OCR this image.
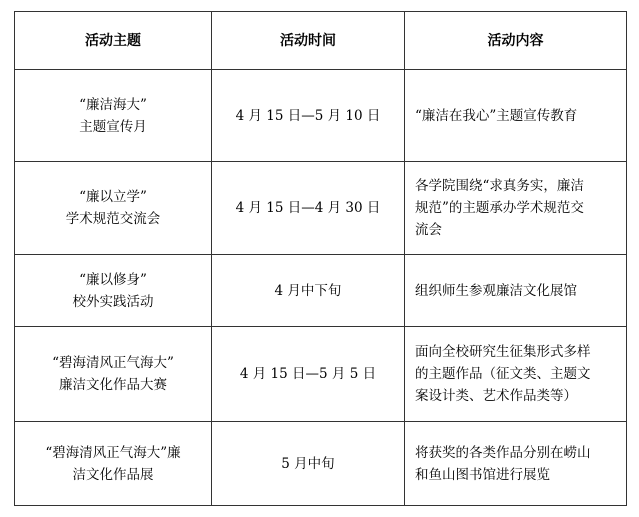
活动主题	活动时间	活动内容

“廉洁海大”
主题宣传月	4 月 15 日—5 月 10 日	“廉洁在我心”主题宣传教育

“廉以立学”
学术规范交流会	4 月 15 日—4 月 30 日	各学院围绕“求真务实，廉洁
规范”的主题承办学术规范交
流会

“廉以修身”
校外实践活动	4 月中下旬	组织师生参观廉洁文化展馆

“碧海清风正气海大”
廉洁文化作品大赛	4 月 15 日—5 月 5 日	面向全校研究生征集形式多样
的主题作品（征文类、主题文
案设计类、艺术作品类等）

“碧海清风正气海大”廉
洁文化作品展	5 月中旬	将获奖的各类作品分别在崂山
和鱼山图书馆进行展览
